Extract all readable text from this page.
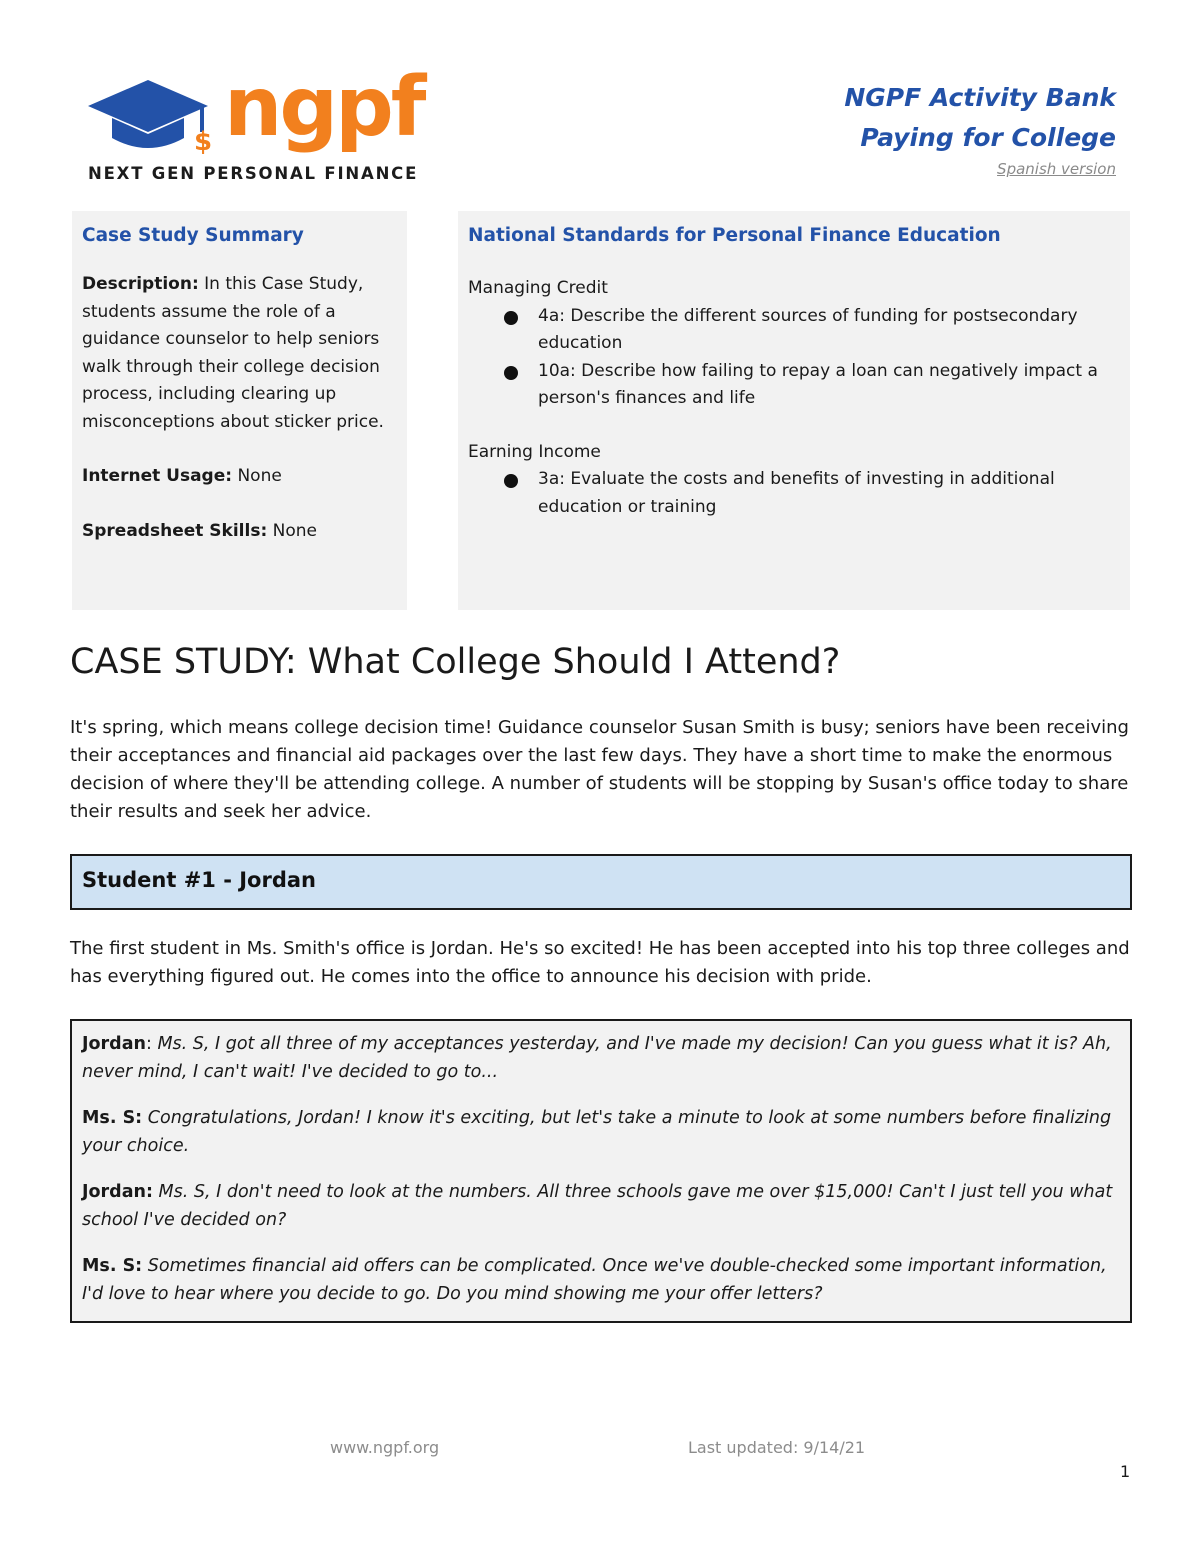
$ ngpf
NEXT GEN PERSONAL FINANCE
NGPF Activity Bank
Paying for College
Spanish version
Case Study Summary
Description: In this Case Study, students assume the role of a guidance counselor to help seniors walk through their college decision process, including clearing up misconceptions about sticker price.
Internet Usage: None
Spreadsheet Skills: None
National Standards for Personal Finance Education
Managing Credit
4a: Describe the different sources of funding for postsecondary education
10a: Describe how failing to repay a loan can negatively impact a person's finances and life
Earning Income
3a: Evaluate the costs and benefits of investing in additional education or training
CASE STUDY: What College Should I Attend?
It's spring, which means college decision time! Guidance counselor Susan Smith is busy; seniors have been receiving their acceptances and financial aid packages over the last few days. They have a short time to make the enormous decision of where they'll be attending college. A number of students will be stopping by Susan's office today to share their results and seek her advice.
Student #1 - Jordan
The first student in Ms. Smith's office is Jordan. He's so excited! He has been accepted into his top three colleges and has everything figured out. He comes into the office to announce his decision with pride.

Jordan: Ms. S, I got all three of my acceptances yesterday, and I've made my decision! Can you guess what it is? Ah, never mind, I can't wait! I've decided to go to...

Ms. S: Congratulations, Jordan! I know it's exciting, but let's take a minute to look at some numbers before finalizing your choice.

Jordan: Ms. S, I don't need to look at the numbers. All three schools gave me over $15,000! Can't I just tell you what school I've decided on?

Ms. S: Sometimes financial aid offers can be complicated. Once we've double-checked some important information, I'd love to hear where you decide to go. Do you mind showing me your offer letters?

www.ngpf.org	Last updated: 9/14/21
1
